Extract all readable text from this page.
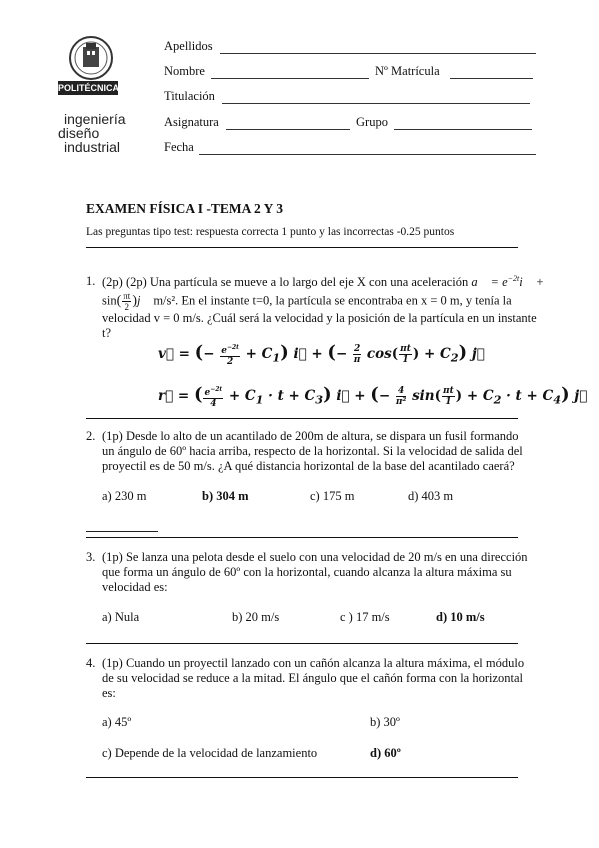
POLITÉCNICA
ingeniería
diseño
industrial
Apellidos
Nombre	Nº Matrícula
Titulación
Asignatura	Grupo
Fecha
EXAMEN FÍSICA I -TEMA 2 Y 3
Las preguntas tipo test: respuesta correcta 1 punto y las incorrectas -0.25 puntos
1. (2p) (2p) Una partícula se mueve a lo largo del eje X con una aceleración a⃗ = $e^{-2t}i⃗$ +
$\sin( \frac{\pi t}{2}$ )j⃗ m/s². En el instante t=0, la partícula se encontraba en x = 0 m, y tenía la
velocidad v = 0 m/s. ¿Cuál será la velocidad y la posición de la partícula en un instante
t?
v⃗ = (− $\frac{e^{-2t}}{2} + C_1$) i⃗ + (− $\frac{2}{\pi} \cos( \frac{\pi t}{1}$ ) + $C_2$) j⃗
r⃗ = ( $\frac{e^{-2t}}{4} + C_1 \cdot t + C_3$) i⃗ + (− $\frac{4}{\text{π²}} \sin( \frac{\pi t}{1}$ ) + $C_2 \cdot t + C_4$) j⃗
2. (1p) Desde lo alto de un acantilado de 200m de altura, se dispara un fusil formando
un ángulo de 60º hacia arriba, respecto de la horizontal. Si la velocidad de salida del
proyectil es de 50 m/s. ¿A qué distancia horizontal de la base del acantilado caerá?
a) 230 m	b) 304 m	c) 175 m	d) 403 m
3. (1p) Se lanza una pelota desde el suelo con una velocidad de 20 m/s en una dirección
que forma un ángulo de 60º con la horizontal, cuando alcanza la altura máxima su
velocidad es:
a) Nula	b) 20 m/s	c ) 17 m/s	d) 10 m/s
4. (1p) Cuando un proyectil lanzado con un cañón alcanza la altura máxima, el módulo
de su velocidad se reduce a la mitad. El ángulo que el cañón forma con la horizontal
es:
a) 45º	b) 30º
c) Depende de la velocidad de lanzamiento	d) 60º
